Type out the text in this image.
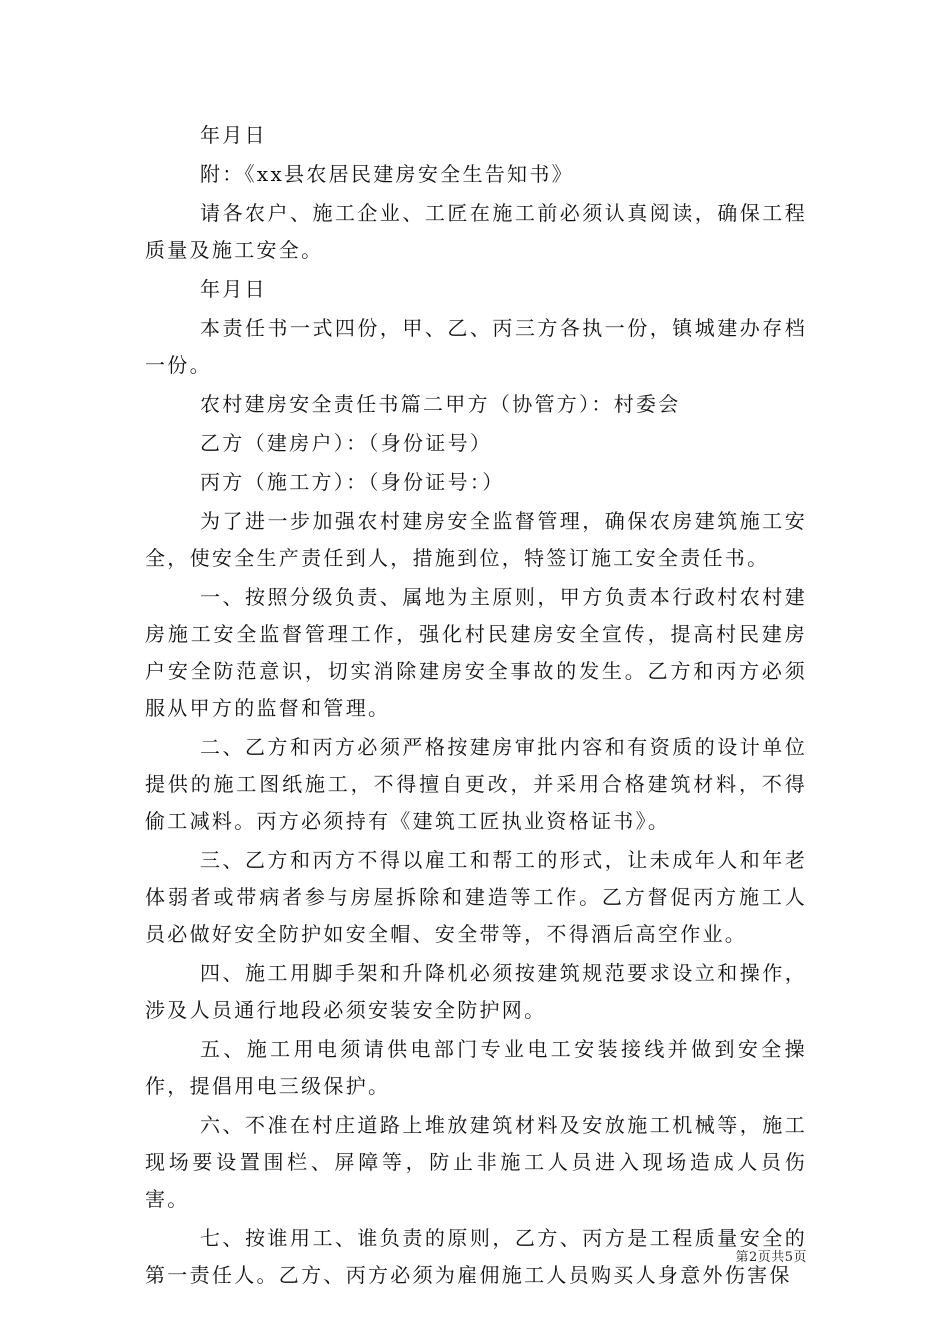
年月日

附：《xx县农居民建房安全生告知书》

请各农户、施工企业、工匠在施工前必须认真阅读，确保工程质量及施工安全。

年月日

本责任书一式四份，甲、乙、丙三方各执一份，镇城建办存档一份。

农村建房安全责任书篇二甲方（协管方）：村委会

乙方（建房户）：（身份证号）

丙方（施工方）：（身份证号：）

为了进一步加强农村建房安全监督管理，确保农房建筑施工安全，使安全生产责任到人，措施到位，特签订施工安全责任书。

一、按照分级负责、属地为主原则，甲方负责本行政村农村建房施工安全监督管理工作，强化村民建房安全宣传，提高村民建房户安全防范意识，切实消除建房安全事故的发生。乙方和丙方必须服从甲方的监督和管理。

二、乙方和丙方必须严格按建房审批内容和有资质的设计单位提供的施工图纸施工，不得擅自更改，并采用合格建筑材料，不得偷工减料。丙方必须持有《建筑工匠执业资格证书》。

三、乙方和丙方不得以雇工和帮工的形式，让未成年人和年老体弱者或带病者参与房屋拆除和建造等工作。乙方督促丙方施工人员必做好安全防护如安全帽、安全带等，不得酒后高空作业。

四、施工用脚手架和升降机必须按建筑规范要求设立和操作，涉及人员通行地段必须安装安全防护网。

五、施工用电须请供电部门专业电工安装接线并做到安全操作，提倡用电三级保护。

六、不准在村庄道路上堆放建筑材料及安放施工机械等，施工现场要设置围栏、屏障等，防止非施工人员进入现场造成人员伤害。

七、按谁用工、谁负责的原则，乙方、丙方是工程质量安全的第一责任人。乙方、丙方必须为雇佣施工人员购买人身意外伤害保

第2页共5页
